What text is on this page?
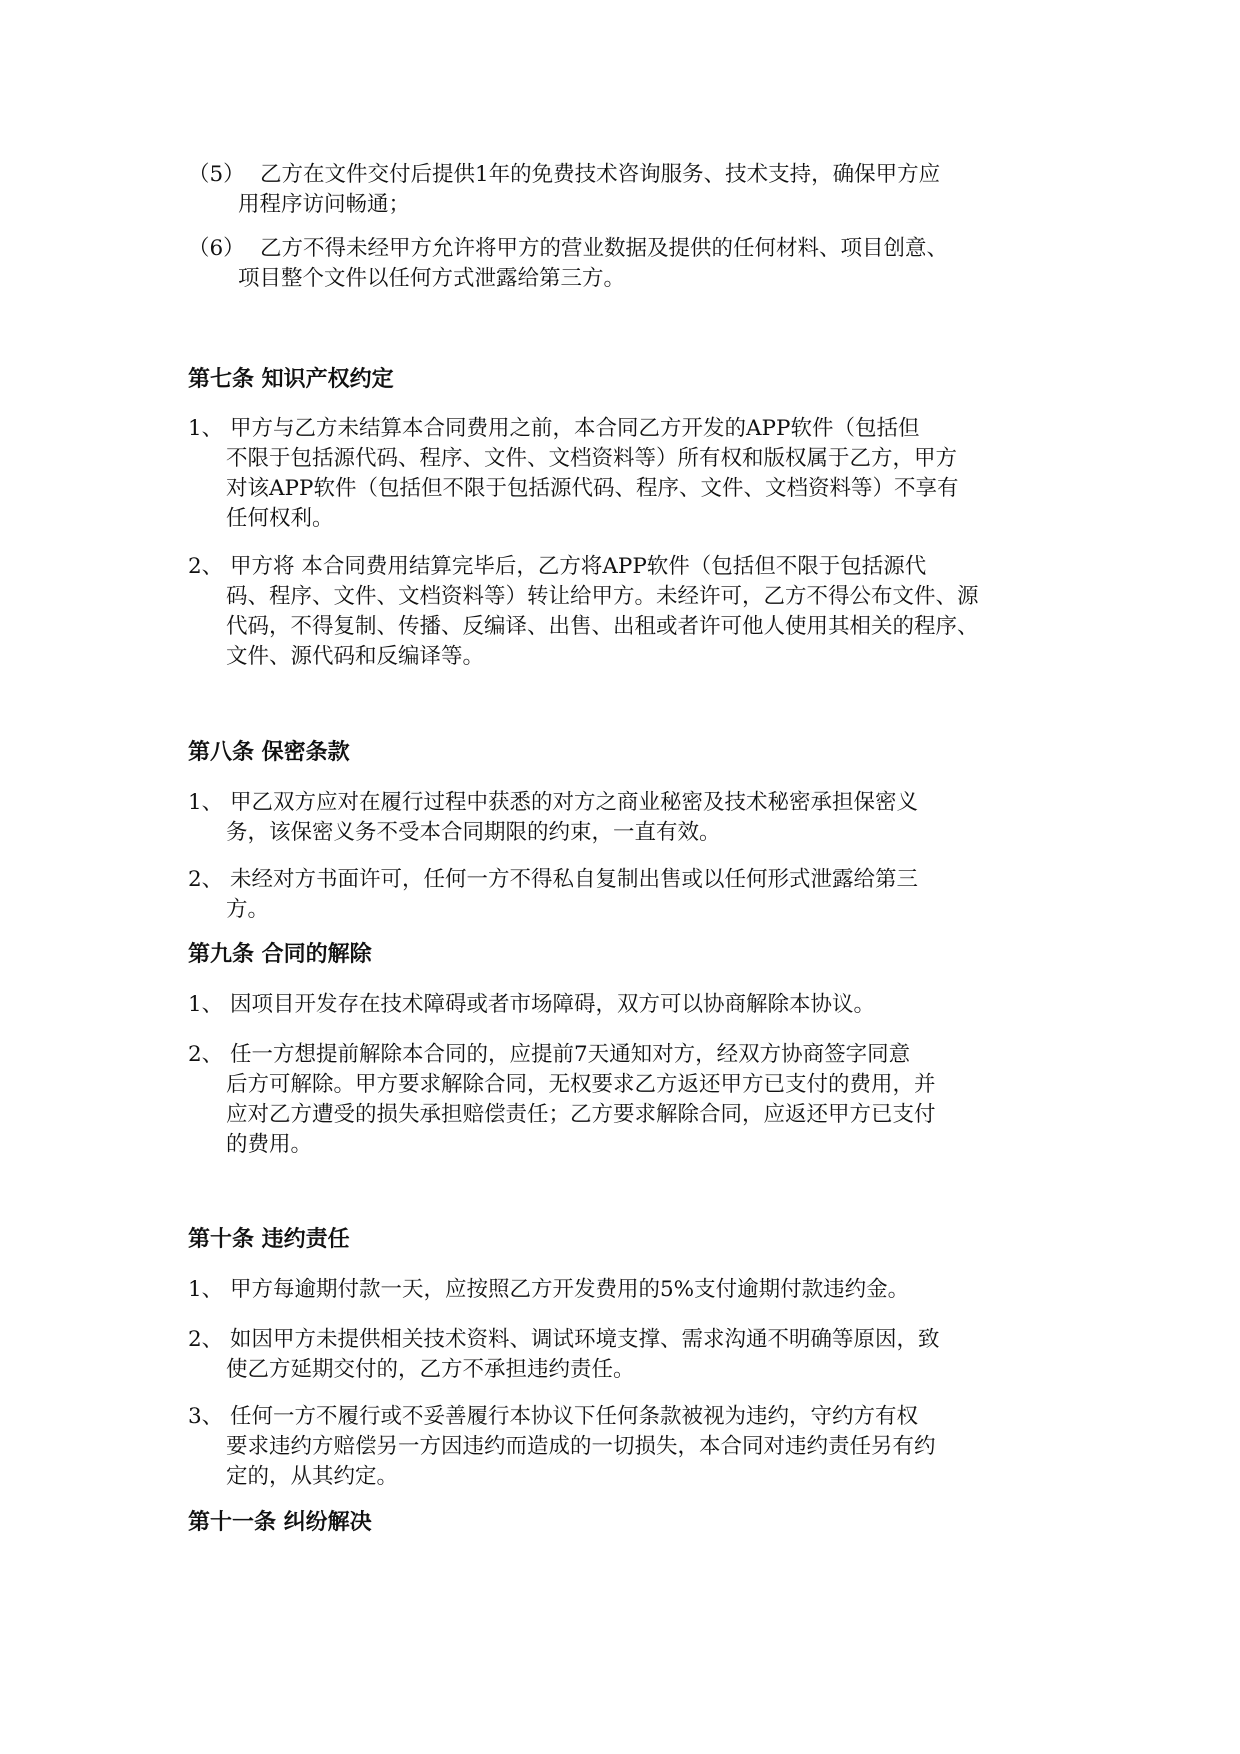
（5） 乙方在文件交付后提供1年的免费技术咨询服务、技术支持，确保甲方应
用程序访问畅通；
（6） 乙方不得未经甲方允许将甲方的营业数据及提供的任何材料、项目创意、
项目整个文件以任何方式泄露给第三方。
第七条 知识产权约定
1、 甲方与乙方未结算本合同费用之前，本合同乙方开发的APP软件（包括但
不限于包括源代码、程序、文件、文档资料等）所有权和版权属于乙方，甲方
对该APP软件（包括但不限于包括源代码、程序、文件、文档资料等）不享有
任何权利。
2、 甲方将 本合同费用结算完毕后，乙方将APP软件（包括但不限于包括源代
码、程序、文件、文档资料等）转让给甲方。未经许可，乙方不得公布文件、源
代码，不得复制、传播、反编译、出售、出租或者许可他人使用其相关的程序、
文件、源代码和反编译等。
第八条 保密条款
1、 甲乙双方应对在履行过程中获悉的对方之商业秘密及技术秘密承担保密义
务，该保密义务不受本合同期限的约束，一直有效。
2、 未经对方书面许可，任何一方不得私自复制出售或以任何形式泄露给第三
方。
第九条 合同的解除
1、 因项目开发存在技术障碍或者市场障碍，双方可以协商解除本协议。
2、 任一方想提前解除本合同的，应提前7天通知对方，经双方协商签字同意
后方可解除。甲方要求解除合同，无权要求乙方返还甲方已支付的费用，并
应对乙方遭受的损失承担赔偿责任；乙方要求解除合同，应返还甲方已支付
的费用。
第十条 违约责任
1、 甲方每逾期付款一天，应按照乙方开发费用的5%支付逾期付款违约金。
2、 如因甲方未提供相关技术资料、调试环境支撑、需求沟通不明确等原因，致
使乙方延期交付的，乙方不承担违约责任。
3、 任何一方不履行或不妥善履行本协议下任何条款被视为违约，守约方有权
要求违约方赔偿另一方因违约而造成的一切损失，本合同对违约责任另有约
定的，从其约定。
第十一条 纠纷解决
